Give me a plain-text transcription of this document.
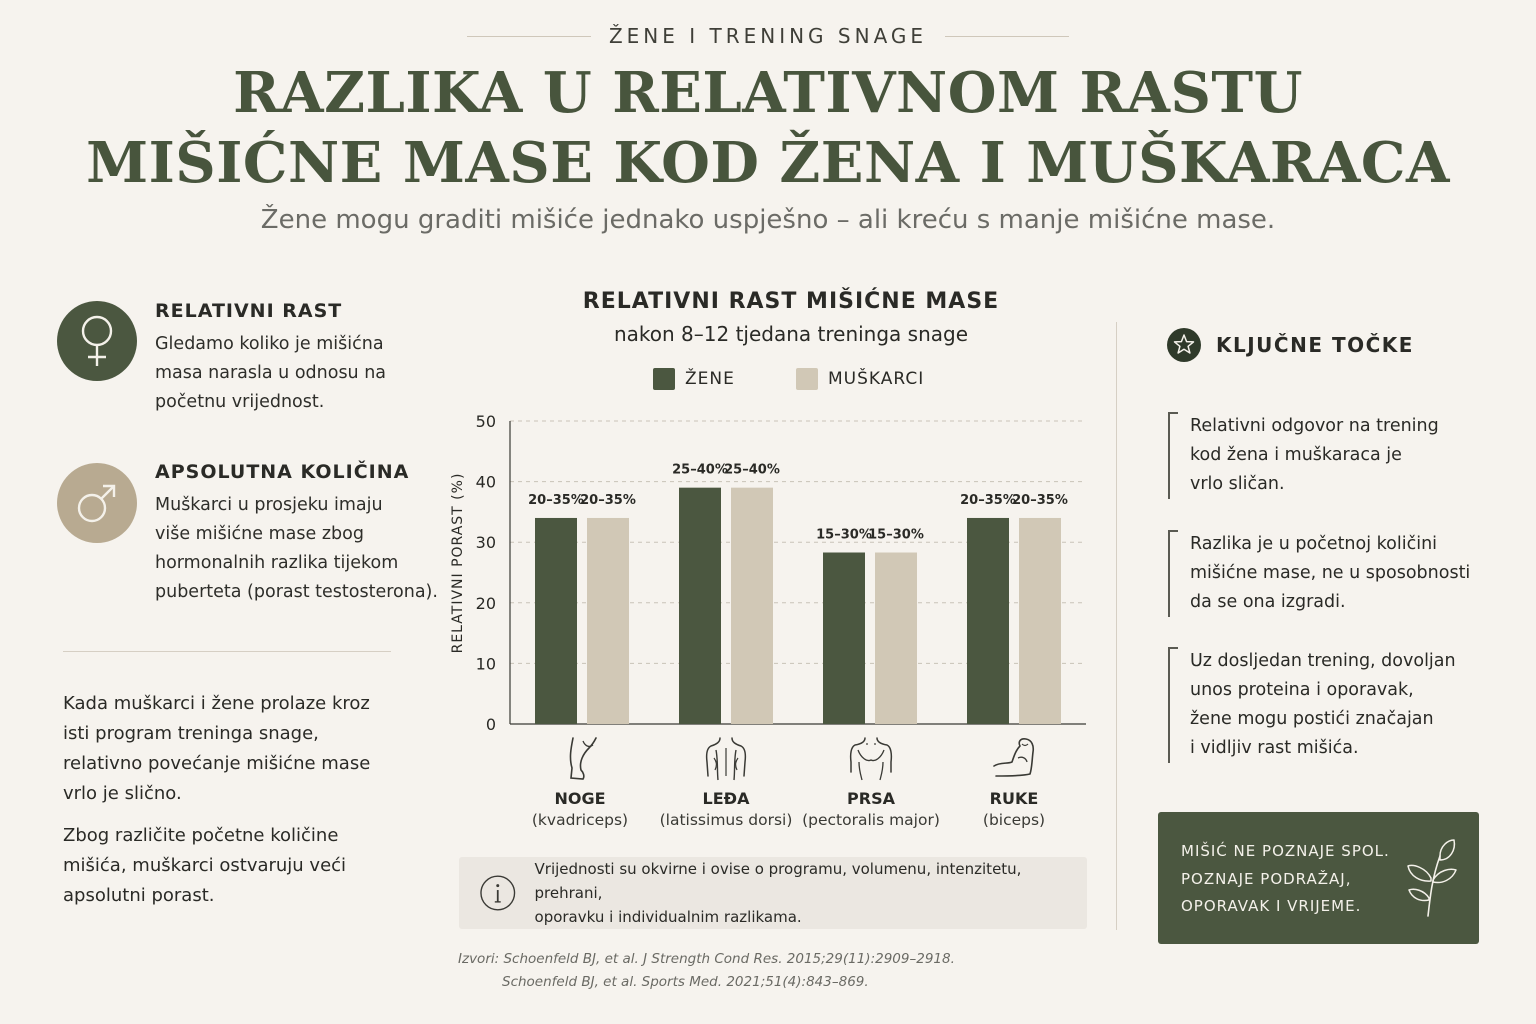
ŽENE I TRENING SNAGE
RAZLIKA U RELATIVNOM RASTU
MIŠIĆNE MASE KOD ŽENA I MUŠKARACA
Žene mogu graditi mišiće jednako uspješno – ali kreću s manje mišićne mase.
RELATIVNI RAST
Gledamo koliko je mišićna
masa narasla u odnosu na
početnu vrijednost.
APSOLUTNA KOLIČINA
Muškarci u prosjeku imaju
više mišićne mase zbog
hormonalnih razlika tijekom
puberteta (porast testosterona).
Kada muškarci i žene prolaze kroz
isti program treninga snage,
relativno povećanje mišićne mase
vrlo je slično.
Zbog različite početne količine
mišića, muškarci ostvaruju veći
apsolutni porast.
RELATIVNI RAST MIŠIĆNE MASE
nakon 8–12 tjedana treninga snage
ŽENE	MUŠKARCI
0
10
20
30
40
50
RELATIVNI PORAST (%)	20–35%
20–35%
25–40%
25–40%
15–30%
15–30%
20–35%
20–35%
NOGE
(kvadriceps)
LEĐA
(latissimus dorsi)
PRSA
(pectoralis major)
RUKE
(biceps)
Vrijednosti su okvirne i ovise o programu, volumenu, intenzitetu, prehrani,
oporavku i individualnim razlikama.
Izvori: Schoenfeld BJ, et al. J Strength Cond Res. 2015;29(11):2909–2918.
Schoenfeld BJ, et al. Sports Med. 2021;51(4):843–869.
KLJUČNE TOČKE
Relativni odgovor na trening
kod žena i muškaraca je
vrlo sličan.
Razlika je u početnoj količini
mišićne mase, ne u sposobnosti
da se ona izgradi.
Uz dosljedan trening, dovoljan
unos proteina i oporavak,
žene mogu postići značajan
i vidljiv rast mišića.
MIŠIĆ NE POZNAJE SPOL.
POZNAJE PODRAŽAJ,
OPORAVAK I VRIJEME.
